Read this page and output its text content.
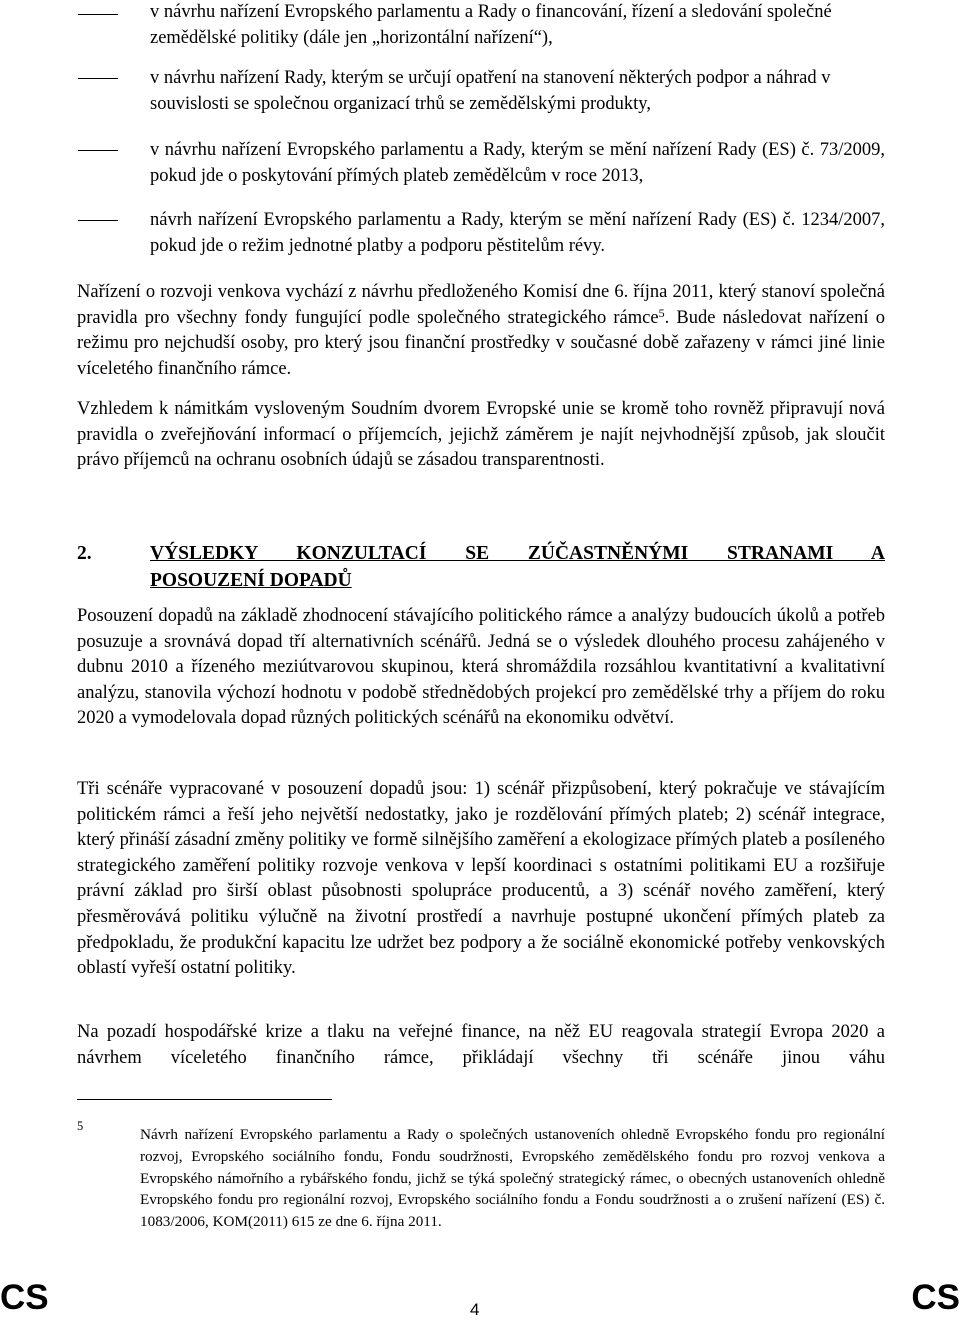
v návrhu nařízení Evropského parlamentu a Rady o financování, řízení a sledování společné zemědělské politiky (dále jen „horizontální nařízení“),
v návrhu nařízení Rady, kterým se určují opatření na stanovení některých podpor a náhrad v souvislosti se společnou organizací trhů se zemědělskými produkty,
v návrhu nařízení Evropského parlamentu a Rady, kterým se mění nařízení Rady (ES) č. 73/2009, pokud jde o poskytování přímých plateb zemědělcům v roce 2013,
návrh nařízení Evropského parlamentu a Rady, kterým se mění nařízení Rady (ES) č. 1234/2007, pokud jde o režim jednotné platby a podporu pěstitelům révy.
Nařízení o rozvoji venkova vychází z návrhu předloženého Komisí dne 6. října 2011, který stanoví společná pravidla pro všechny fondy fungující podle společného strategického rámce$^5$. Bude následovat nařízení o režimu pro nejchudší osoby, pro který jsou finanční prostředky v současné době zařazeny v rámci jiné linie víceletého finančního rámce.
Vzhledem k námitkám vysloveným Soudním dvorem Evropské unie se kromě toho rovněž připravují nová pravidla o zveřejňování informací o příjemcích, jejichž záměrem je najít nejvhodnější způsob, jak sloučit právo příjemců na ochranu osobních údajů se zásadou transparentnosti.
2.	VÝSLEDKY KONZULTACÍ SE ZÚČASTNĚNÝMI STRANAMI A
POSOUZENÍ DOPADŮ
Posouzení dopadů na základě zhodnocení stávajícího politického rámce a analýzy budoucích úkolů a potřeb posuzuje a srovnává dopad tří alternativních scénářů. Jedná se o výsledek dlouhého procesu zahájeného v dubnu 2010 a řízeného meziútvarovou skupinou, která shromáždila rozsáhlou kvantitativní a kvalitativní analýzu, stanovila výchozí hodnotu v podobě střednědobých projekcí pro zemědělské trhy a příjem do roku 2020 a vymodelovala dopad různých politických scénářů na ekonomiku odvětví.
Tři scénáře vypracované v posouzení dopadů jsou: 1) scénář přizpůsobení, který pokračuje ve stávajícím politickém rámci a řeší jeho největší nedostatky, jako je rozdělování přímých plateb; 2) scénář integrace, který přináší zásadní změny politiky ve formě silnějšího zaměření a ekologizace přímých plateb a posíleného strategického zaměření politiky rozvoje venkova v lepší koordinaci s ostatními politikami EU a rozšiřuje právní základ pro širší oblast působnosti spolupráce producentů, a 3) scénář nového zaměření, který přesměrovává politiku výlučně na životní prostředí a navrhuje postupné ukončení přímých plateb za předpokladu, že produkční kapacitu lze udržet bez podpory a že sociálně ekonomické potřeby venkovských oblastí vyřeší ostatní politiky.
Na pozadí hospodářské krize a tlaku na veřejné finance, na něž EU reagovala strategií Evropa 2020 a návrhem víceletého finančního rámce, přikládají všechny tři scénáře jinou váhu
5	Návrh nařízení Evropského parlamentu a Rady o společných ustanoveních ohledně Evropského fondu pro regionální rozvoj, Evropského sociálního fondu, Fondu soudržnosti, Evropského zemědělského fondu pro rozvoj venkova a Evropského námořního a rybářského fondu, jichž se týká společný strategický rámec, o obecných ustanoveních ohledně Evropského fondu pro regionální rozvoj, Evropského sociálního fondu a Fondu soudržnosti a o zrušení nařízení (ES) č. 1083/2006, KOM(2011) 615 ze dne 6. října 2011.
CS	4	CS
